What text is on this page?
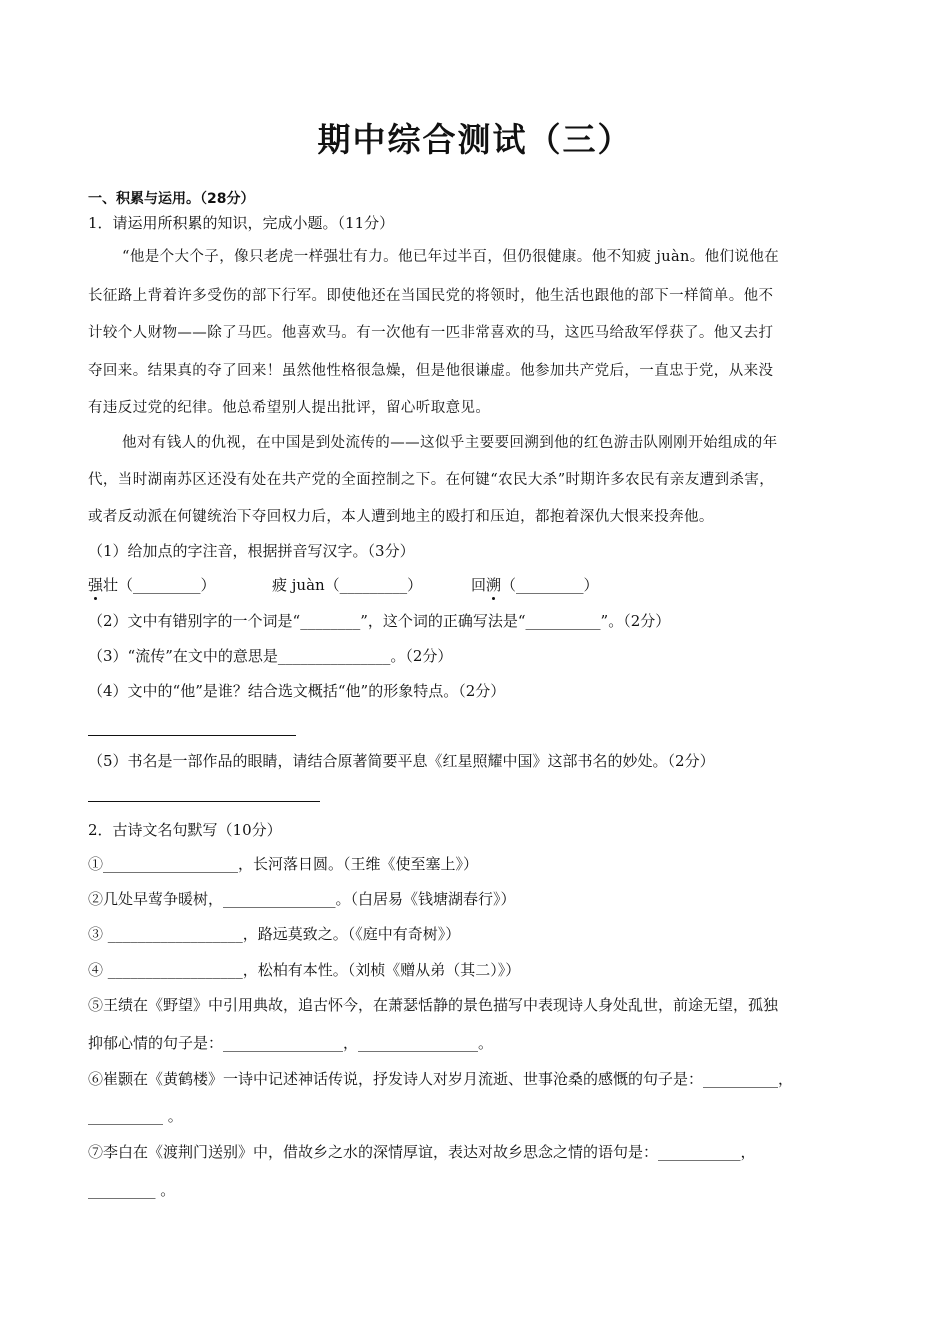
期中综合测试（三）
一、积累与运用。（28分）
1．请运用所积累的知识，完成小题。（11分）
“他是个大个子，像只老虎一样强壮有力。他已年过半百，但仍很健康。他不知疲 juàn。他们说他在
长征路上背着许多受伤的部下行军。即使他还在当国民党的将领时，他生活也跟他的部下一样简单。他不
计较个人财物——除了马匹。他喜欢马。有一次他有一匹非常喜欢的马，这匹马给敌军俘获了。他又去打
夺回来。结果真的夺了回来！虽然他性格很急燥，但是他很谦虚。他参加共产党后，一直忠于党，从来没
有违反过党的纪律。他总希望别人提出批评，留心听取意见。
他对有钱人的仇视，在中国是到处流传的——这似乎主要要回溯到他的红色游击队刚刚开始组成的年
代，当时湖南苏区还没有处在共产党的全面控制之下。在何键“农民大杀”时期许多农民有亲友遭到杀害，
或者反动派在何键统治下夺回权力后，本人遭到地主的殴打和压迫，都抱着深仇大恨来投奔他。
（1）给加点的字注音，根据拼音写汉字。（3分）
强壮（_________）	疲 juàn（_________）	回溯（_________）
（2）文中有错别字的一个词是“________”，这个词的正确写法是“__________”。（2分）
（3）“流传”在文中的意思是_______________。（2分）
（4）文中的“他”是谁？结合选文概括“他”的形象特点。（2分）
（5）书名是一部作品的眼睛，请结合原著简要平息《红星照耀中国》这部书名的妙处。（2分）
2．古诗文名句默写（10分）
①__________________，长河落日圆。（王维《使至塞上》）
②几处早莺争暖树，_______________。（白居易《钱塘湖春行》）
③ __________________，路远莫致之。（《庭中有奇树》）
④ __________________，松柏有本性。（刘桢《赠从弟（其二）》）
⑤王绩在《野望》中引用典故，追古怀今，在萧瑟恬静的景色描写中表现诗人身处乱世，前途无望，孤独
抑郁心情的句子是：________________，________________。
⑥崔颢在《黄鹤楼》一诗中记述神话传说，抒发诗人对岁月流逝、世事沧桑的感慨的句子是：__________，
__________ 。
⑦李白在《渡荆门送别》中，借故乡之水的深情厚谊，表达对故乡思念之情的语句是：___________，
_________ 。
